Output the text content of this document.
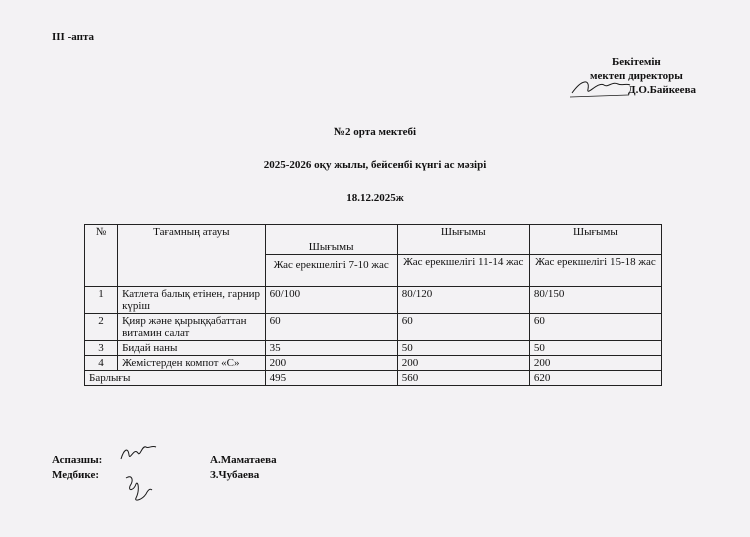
ІІІ -апта
Бекітемін
мектеп директоры
Д.О.Байкеева
№2 орта мектебі
2025-2026 оқу жылы, бейсенбі күнгі ас мәзірі
18.12.2025ж
№	Тағамның атауы	Шығымы	Шығымы	Шығымы
		Жас ерекшелігі 7-10 жас	Жас ерекшелігі 11-14 жас	Жас ерекшелігі 15-18 жас
1	Катлета балық етінен, гарнир күріш	60/100	80/120	80/150
2	Қияр және қырыққабаттан витамин салат	60	60	60
3	Бидай наны	35	50	50
4	Жемістерден компот «С»	200	200	200
Барлығы		495	560	620
Аспазшы:	А.Маматаева
Медбике:	З.Чубаева
